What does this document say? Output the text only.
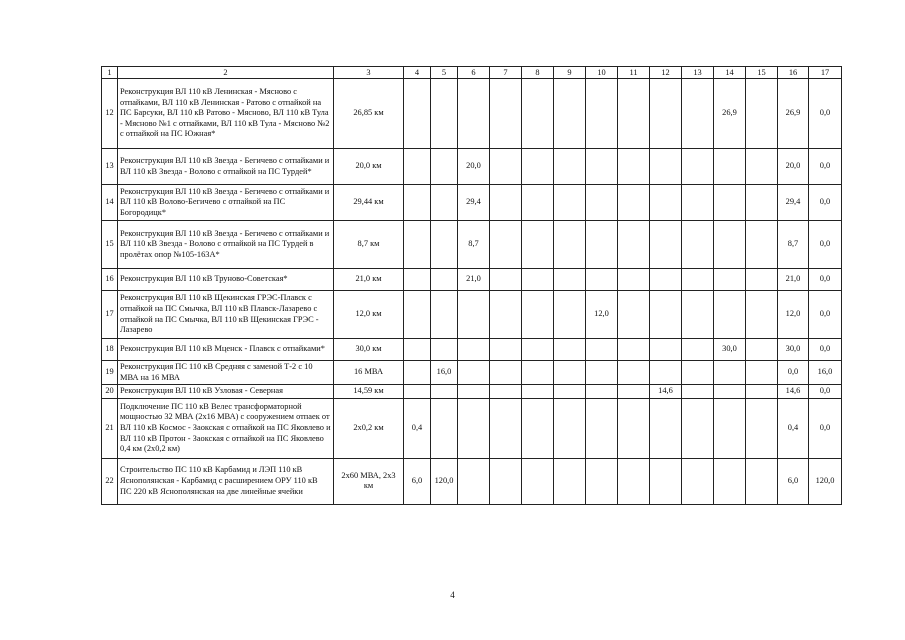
1	2	3	4	5	6	7	8	9	10	11	12	13	14	15	16	17
12	Реконструкция ВЛ 110 кВ Ленинская - Мясново с отпайками, ВЛ 110 кВ Ленинская - Ратово с отпайкой на ПС Барсуки, ВЛ 110 кВ Ратово - Мясново, ВЛ 110 кВ Тула - Мясново №1 с отпайками, ВЛ 110 кВ Тула - Мясново №2 с отпайкой на ПС Южная*	26,85 км											26,9		26,9	0,0
13	Реконструкция ВЛ 110 кВ Звезда - Бегичево с отпайками и ВЛ 110 кВ Звезда - Волово с отпайкой на ПС Турдей*	20,0 км			20,0										20,0	0,0
14	Реконструкция ВЛ 110 кВ Звезда - Бегичево с отпайками и ВЛ 110 кВ Волово-Бегичево с отпайкой на ПС Богородицк*	29,44 км			29,4										29,4	0,0
15	Реконструкция ВЛ 110 кВ Звезда - Бегичево с отпайками и ВЛ 110 кВ Звезда - Волово с отпайкой на ПС Турдей в пролётах опор №105-163А*	8,7 км			8,7										8,7	0,0
16	Реконструкция ВЛ 110 кВ Труново-Советская*	21,0 км			21,0										21,0	0,0
17	Реконструкция ВЛ 110 кВ Щекинская ГРЭС-Плавск с отпайкой на ПС Смычка, ВЛ 110 кВ Плавск-Лазарево с отпайкой на ПС Смычка, ВЛ 110 кВ Щекинская ГРЭС - Лазарево	12,0 км							12,0						12,0	0,0
18	Реконструкция ВЛ 110 кВ Мценск - Плавск с отпайками*	30,0 км											30,0		30,0	0,0
19	Реконструкция ПС 110 кВ Средняя с заменой Т-2 с 10 МВА на 16 МВА	16 МВА		16,0											0,0	16,0
20	Реконструкция ВЛ 110 кВ Узловая - Северная	14,59 км									14,6				14,6	0,0
21	Подключение ПС 110 кВ Велес трансформаторной мощностью 32 МВА (2x16 МВА) с сооружением отпаек от ВЛ 110 кВ Космос - Заокская с отпайкой на ПС Яковлево и ВЛ 110 кВ Протон - Заокская с отпайкой на ПС Яковлево 0,4 км (2x0,2 км)	2x0,2 км	0,4												0,4	0,0
22	Строительство ПС 110 кВ Карбамид и ЛЭП 110 кВ Яснополянская - Карбамид с расширением ОРУ 110 кВ ПС 220 кВ Яснополянская на две линейные ячейки	2x60 МВА, 2x3 км	6,0	120,0											6,0	120,0
4
